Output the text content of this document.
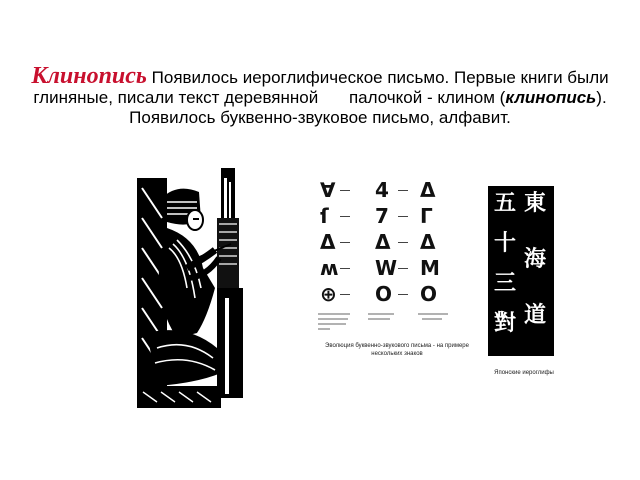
Клинопись Появилось иероглифическое письмо. Первые книги были глиняные, писали текст деревянной палочкой - клином (клинопись). Появилось буквенно-звуковое письмо, алфавит.
∀ 4 Δ
ſ 7 Γ
Δ Δ Δ
ʍ W M
⊕ O O
Эволюция буквенно-звукового письма - на примере нескольких знаков
五
十
三
對
東
海
道
Японские иероглифы
